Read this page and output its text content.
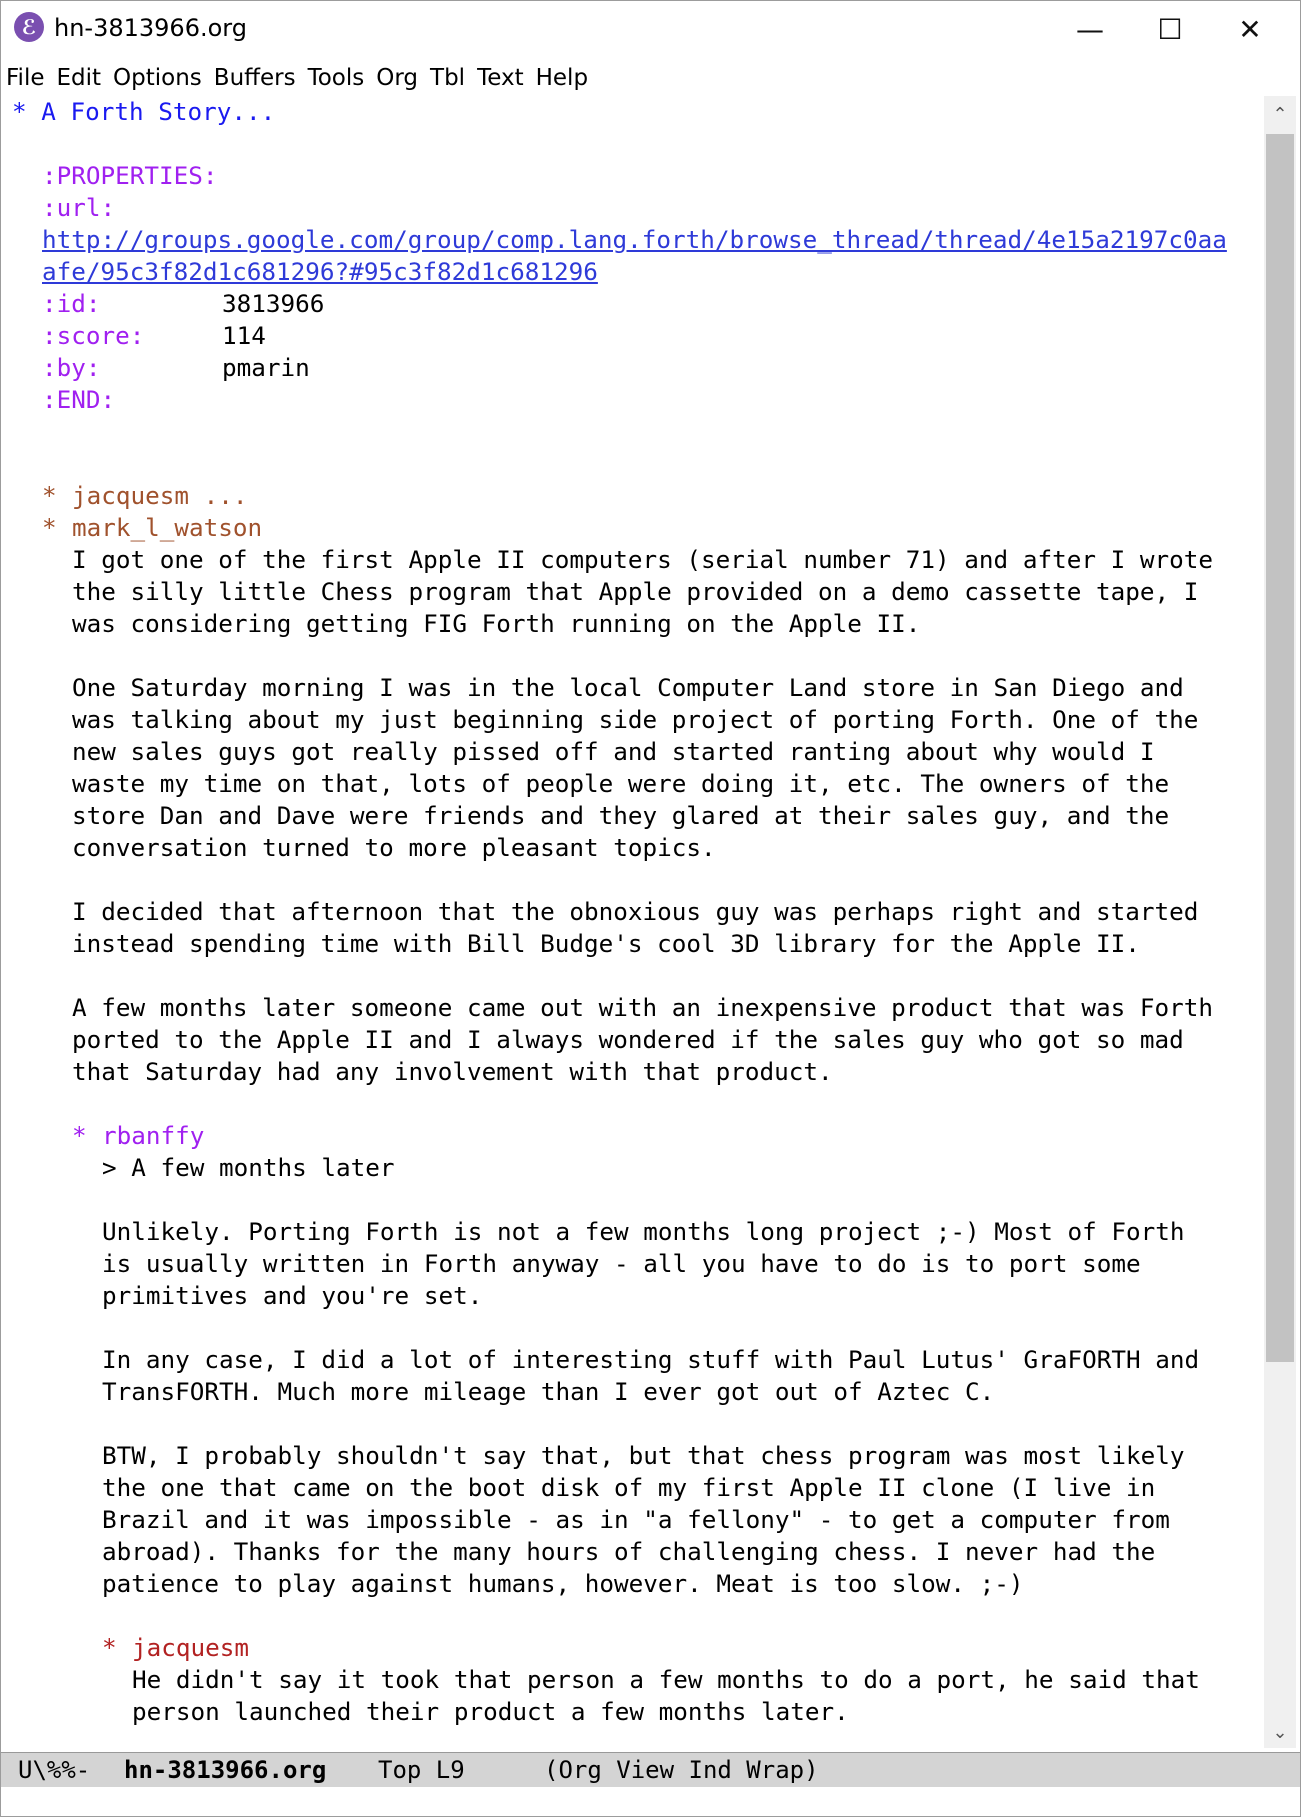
ℰ hn-3813966.org	—	☐	✕
File Edit Options Buffers Tools Org Tbl Text Help
* A Forth Story...
:PROPERTIES:
:url:
http://groups.google.com/group/comp.lang.forth/browse_thread/thread/4e15a2197c0aa
afe/95c3f82d1c681296?#95c3f82d1c681296
:id:	3813966
:score:	114
:by:	pmarin
:END:
* jacquesm ...
* mark_l_watson
I got one of the first Apple II computers (serial number 71) and after I wrote
the silly little Chess program that Apple provided on a demo cassette tape, I
was considering getting FIG Forth running on the Apple II.
One Saturday morning I was in the local Computer Land store in San Diego and
was talking about my just beginning side project of porting Forth. One of the
new sales guys got really pissed off and started ranting about why would I
waste my time on that, lots of people were doing it, etc. The owners of the
store Dan and Dave were friends and they glared at their sales guy, and the
conversation turned to more pleasant topics.
I decided that afternoon that the obnoxious guy was perhaps right and started
instead spending time with Bill Budge's cool 3D library for the Apple II.
A few months later someone came out with an inexpensive product that was Forth
ported to the Apple II and I always wondered if the sales guy who got so mad
that Saturday had any involvement with that product.
* rbanffy
> A few months later
Unlikely. Porting Forth is not a few months long project ;-) Most of Forth
is usually written in Forth anyway - all you have to do is to port some
primitives and you're set.
In any case, I did a lot of interesting stuff with Paul Lutus' GraFORTH and
TransFORTH. Much more mileage than I ever got out of Aztec C.
BTW, I probably shouldn't say that, but that chess program was most likely
the one that came on the boot disk of my first Apple II clone (I live in
Brazil and it was impossible - as in "a fellony" - to get a computer from
abroad). Thanks for the many hours of challenging chess. I never had the
patience to play against humans, however. Meat is too slow. ;-)
* jacquesm
He didn't say it took that person a few months to do a port, he said that
person launched their product a few months later.
⌃
⌄
U\%%- hn-3813966.org Top L9	(Org View Ind Wrap)
